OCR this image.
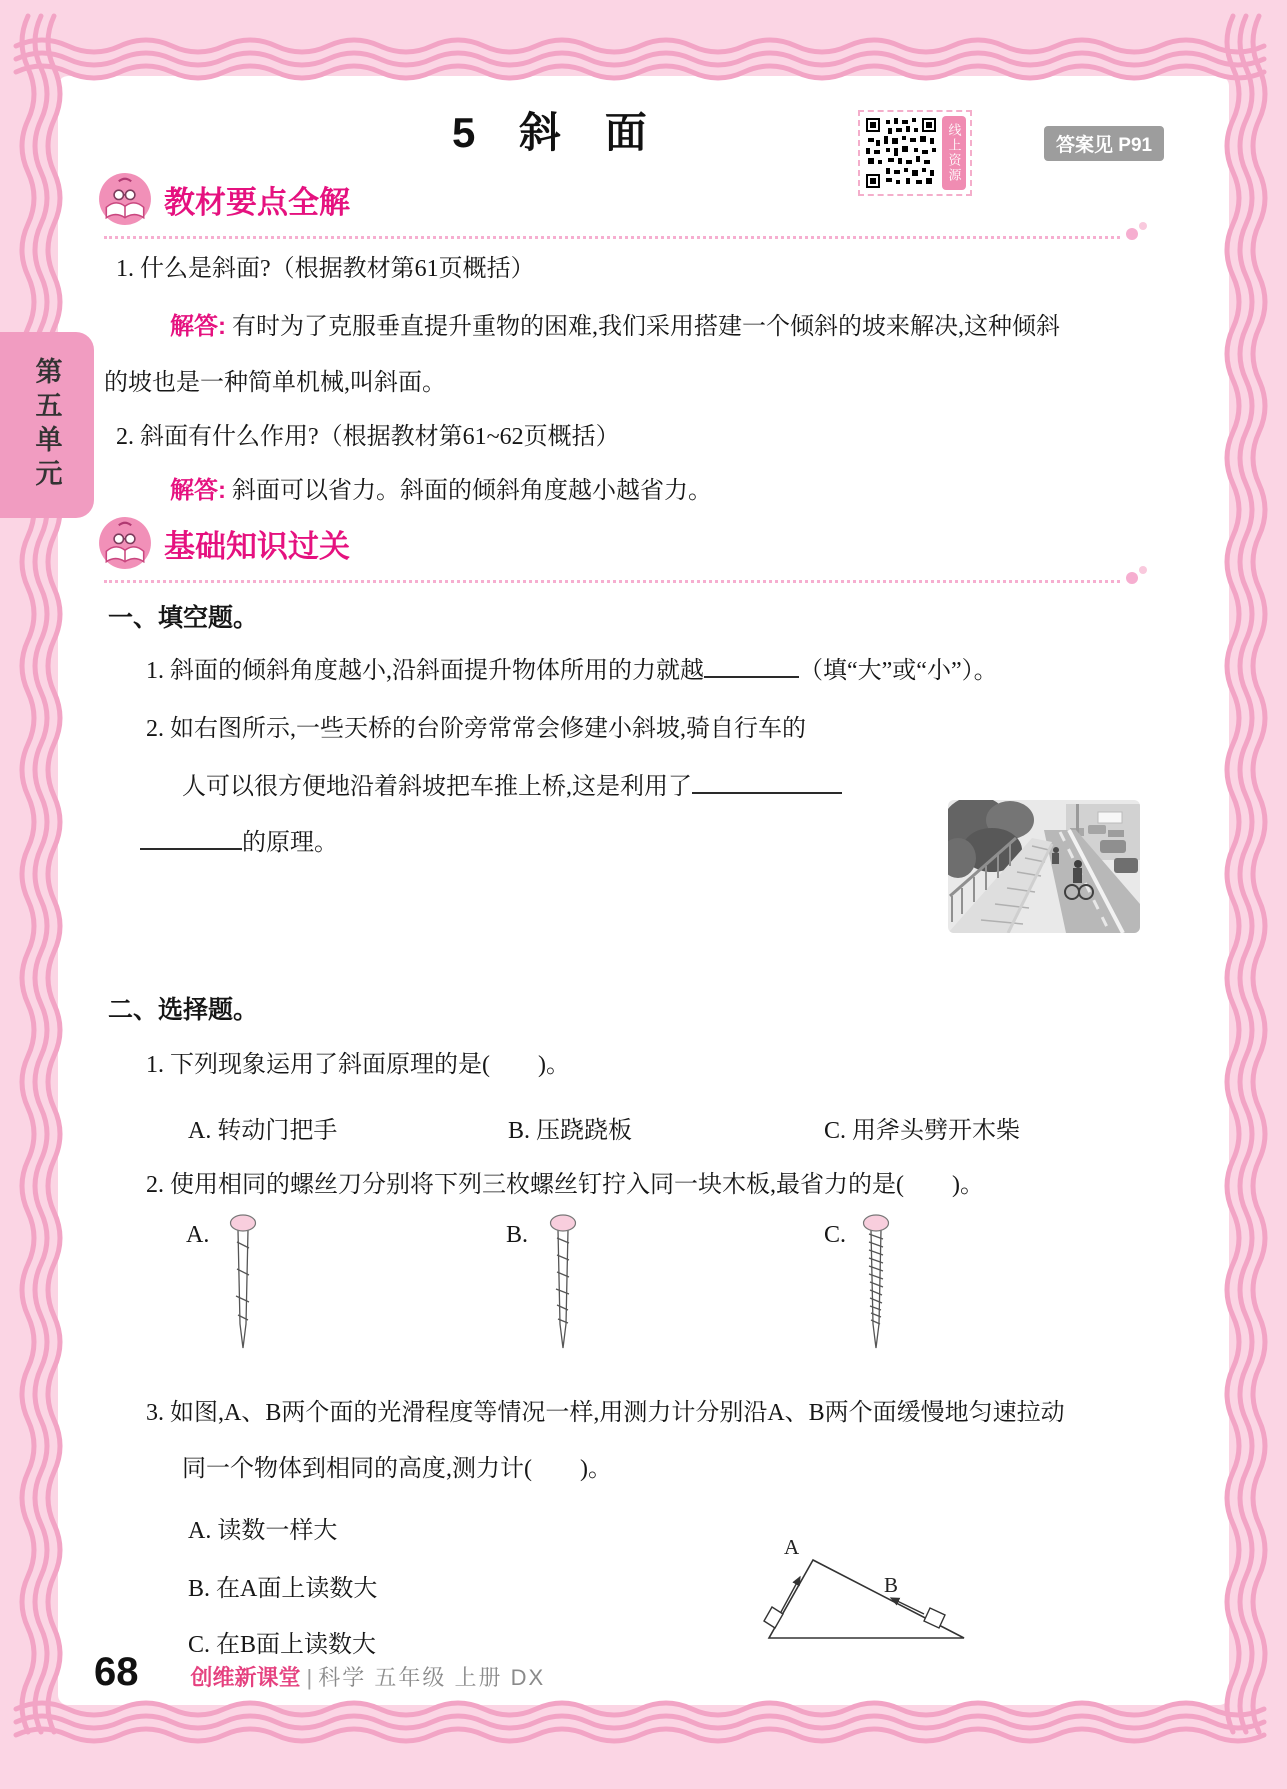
第五单元
5 斜 面	线上资源	答案见 P91
教材要点全解
1. 什么是斜面?（根据教材第61页概括）
解答: 有时为了克服垂直提升重物的困难,我们采用搭建一个倾斜的坡来解决,这种倾斜
的坡也是一种简单机械,叫斜面。
2. 斜面有什么作用?（根据教材第61~62页概括）
解答: 斜面可以省力。斜面的倾斜角度越小越省力。
基础知识过关
一、填空题。
1. 斜面的倾斜角度越小,沿斜面提升物体所用的力就越	（填“大”或“小”）。
2. 如右图所示,一些天桥的台阶旁常常会修建小斜坡,骑自行车的
人可以很方便地沿着斜坡把车推上桥,这是利用了
的原理。
二、选择题。
1. 下列现象运用了斜面原理的是(　　)。
A. 转动门把手	B. 压跷跷板	C. 用斧头劈开木柴
2. 使用相同的螺丝刀分别将下列三枚螺丝钉拧入同一块木板,最省力的是(　　)。
A.	B.	C.
3. 如图,A、B两个面的光滑程度等情况一样,用测力计分别沿A、B两个面缓慢地匀速拉动
同一个物体到相同的高度,测力计(　　)。
A. 读数一样大
B. 在A面上读数大
C. 在B面上读数大
A
B
68 创维新课堂 | 科学 五年级 上册 DX
